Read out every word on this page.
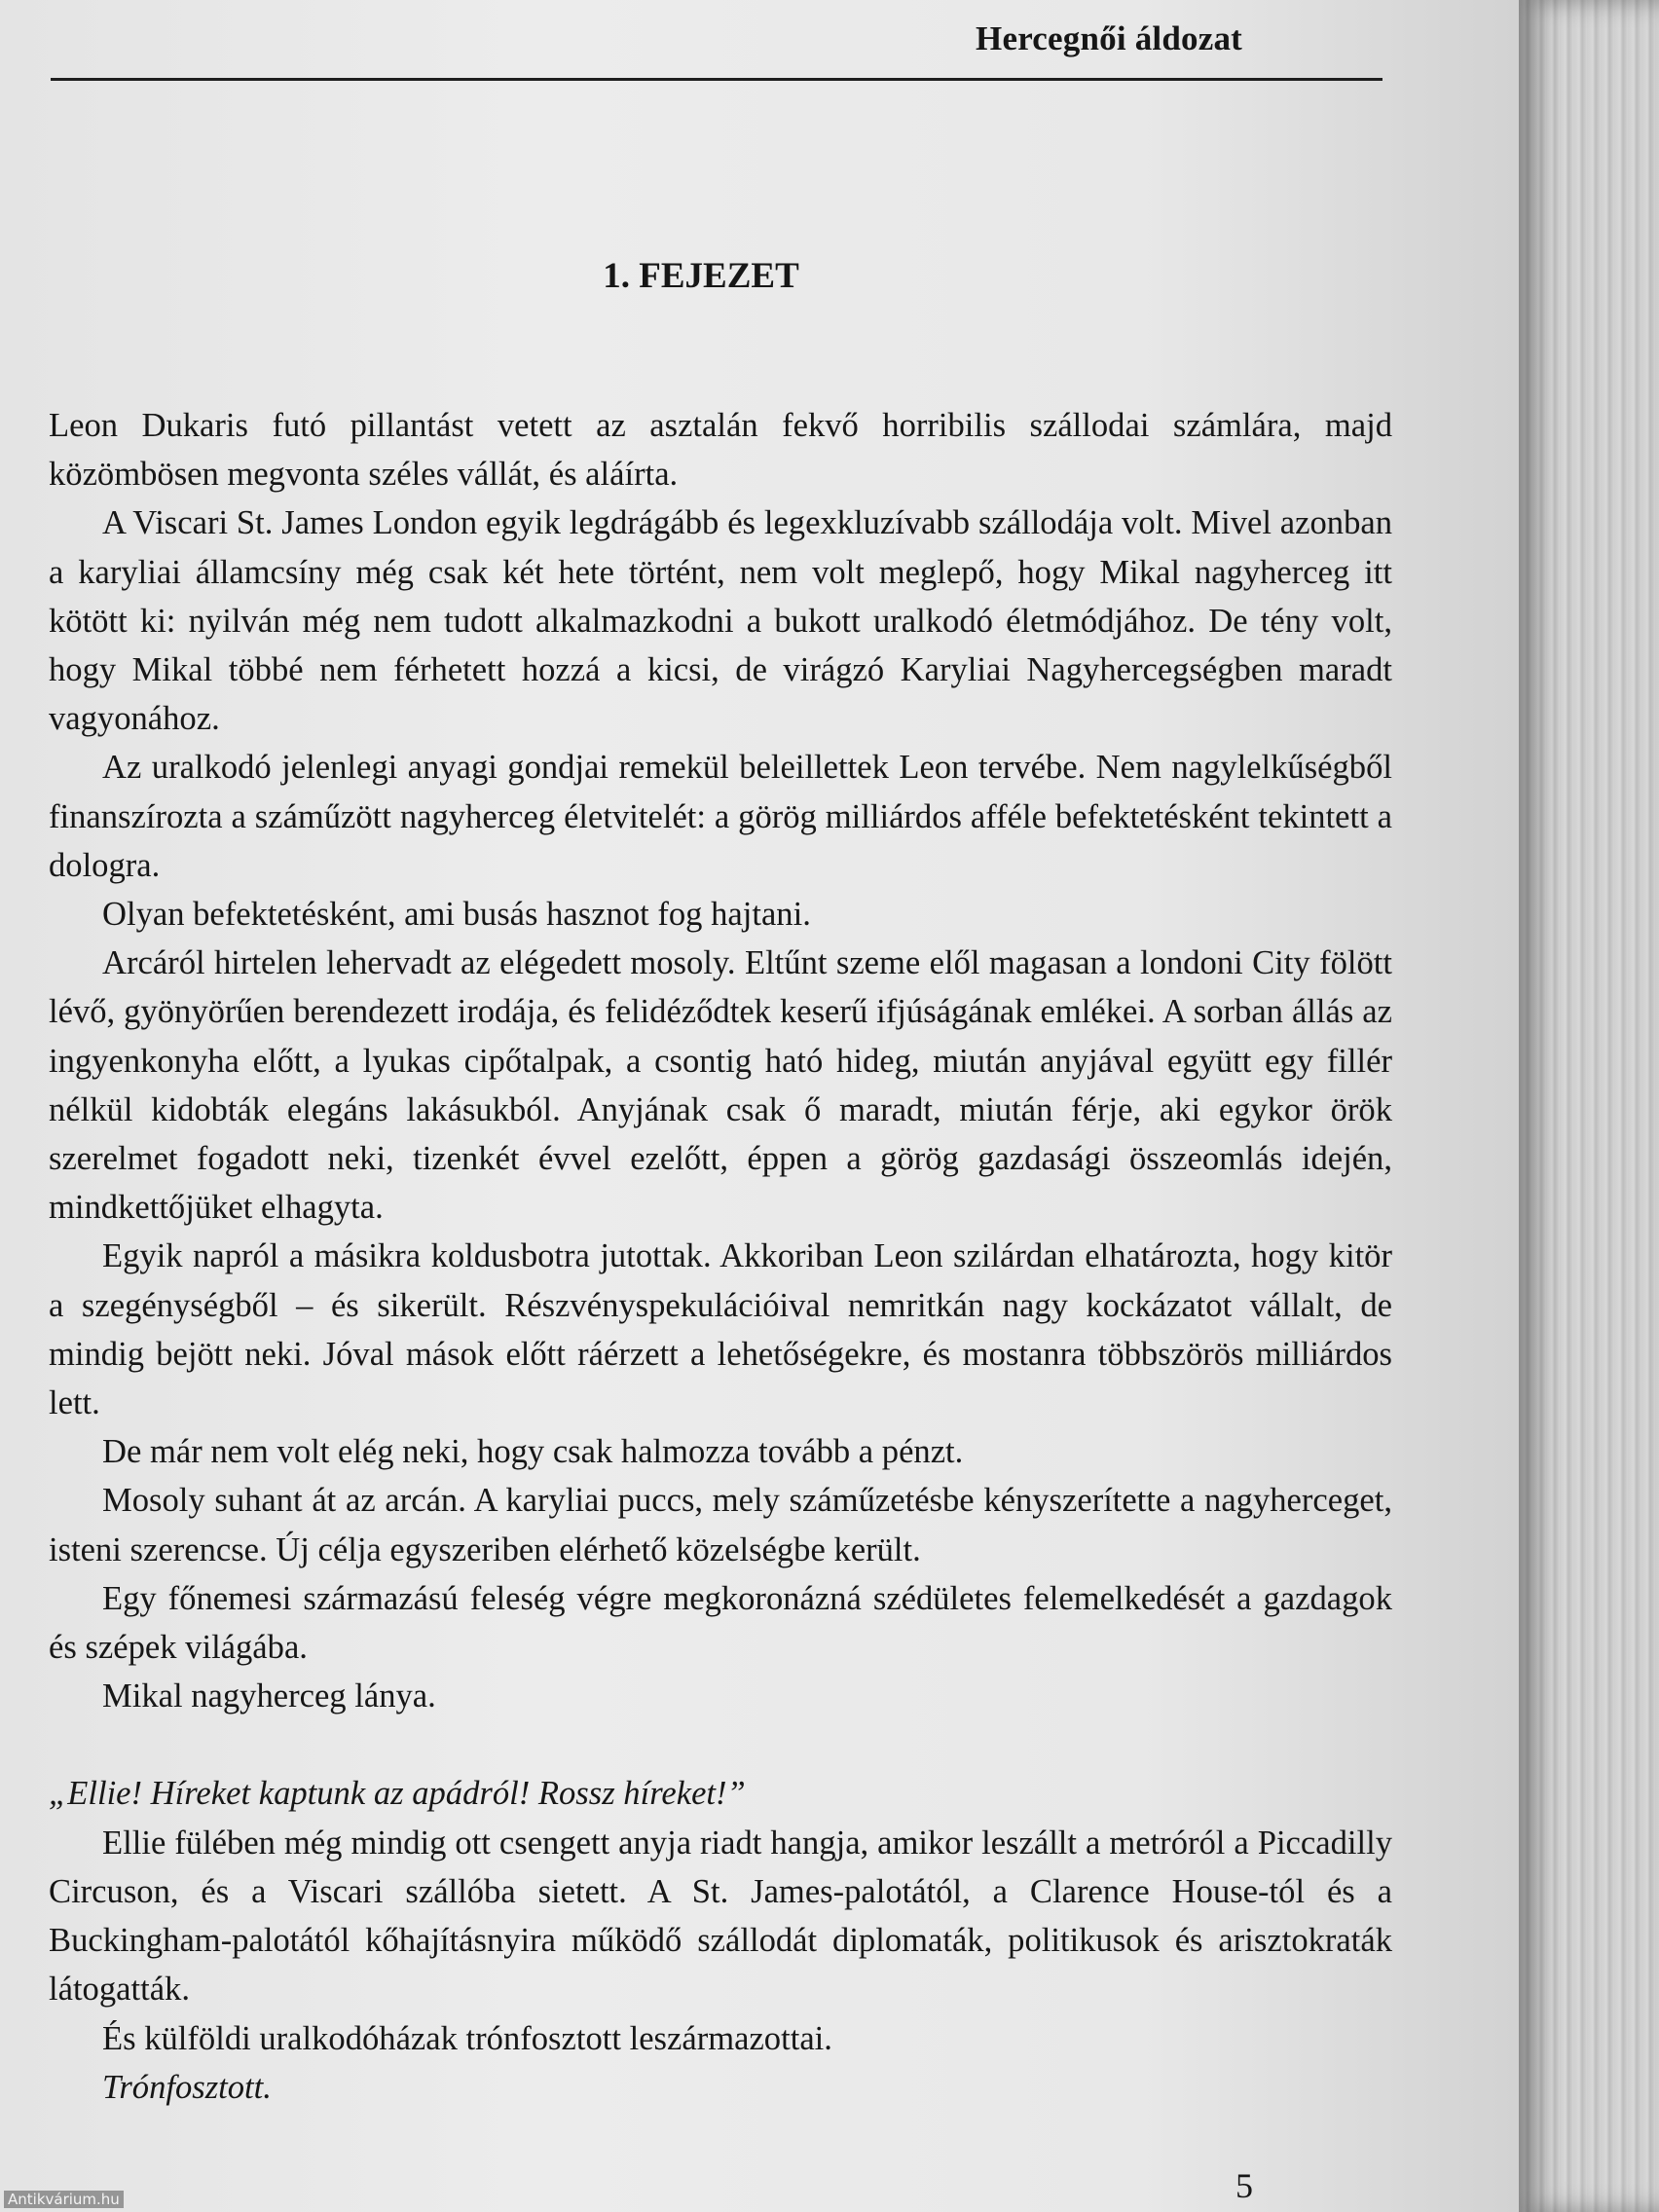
Hercegnői áldozat
1. FEJEZET

Leon Dukaris futó pillantást vetett az asztalán fekvő horribilis szállodai számlára, majd közömbösen megvonta széles vállát, és aláírta.

A Viscari St. James London egyik legdrágább és legexkluzívabb szállodája volt. Mivel azonban a karyliai államcsíny még csak két hete történt, nem volt meglepő, hogy Mikal nagyherceg itt kötött ki: nyilván még nem tudott alkalmazkodni a bukott uralkodó életmódjához. De tény volt, hogy Mikal többé nem férhetett hozzá a kicsi, de virágzó Karyliai Nagyhercegségben maradt vagyonához.

Az uralkodó jelenlegi anyagi gondjai remekül beleillettek Leon tervébe. Nem nagylelkűségből finanszírozta a száműzött nagyherceg életvitelét: a görög milliárdos afféle befektetésként tekintett a dologra.

Olyan befektetésként, ami busás hasznot fog hajtani.

Arcáról hirtelen lehervadt az elégedett mosoly. Eltűnt szeme elől magasan a londoni City fölött lévő, gyönyörűen berendezett irodája, és felidéződtek keserű ifjúságának emlékei. A sorban állás az ingyenkonyha előtt, a lyukas cipőtalpak, a csontig ható hideg, miután anyjával együtt egy fillér nélkül kidobták elegáns lakásukból. Anyjának csak ő maradt, miután férje, aki egykor örök szerelmet fogadott neki, tizenkét évvel ezelőtt, éppen a görög gazdasági összeomlás idején, mindkettőjüket elhagyta.

Egyik napról a másikra koldusbotra jutottak. Akkoriban Leon szilárdan elhatározta, hogy kitör a szegénységből – és sikerült. Részvényspekulációival nemritkán nagy kockázatot vállalt, de mindig bejött neki. Jóval mások előtt ráérzett a lehetőségekre, és mostanra többszörös milliárdos lett.

De már nem volt elég neki, hogy csak halmozza tovább a pénzt.

Mosoly suhant át az arcán. A karyliai puccs, mely száműzetésbe kényszerítette a nagyherceget, isteni szerencse. Új célja egyszeriben elérhető közelségbe került.

Egy főnemesi származású feleség végre megkoronázná szédületes felemelkedését a gazdagok és szépek világába.

Mikal nagyherceg lánya.

„Ellie! Híreket kaptunk az apádról! Rossz híreket!”

Ellie fülében még mindig ott csengett anyja riadt hangja, amikor leszállt a metróról a Piccadilly Circuson, és a Viscari szállóba sietett. A St. James-palotától, a Clarence House-tól és a Buckingham-palotától kőhajításnyira működő szállodát diplomaták, politikusok és arisztokraták látogatták.

És külföldi uralkodóházak trónfosztott leszármazottai.

Trónfosztott.

5
Antikvárium.hu
